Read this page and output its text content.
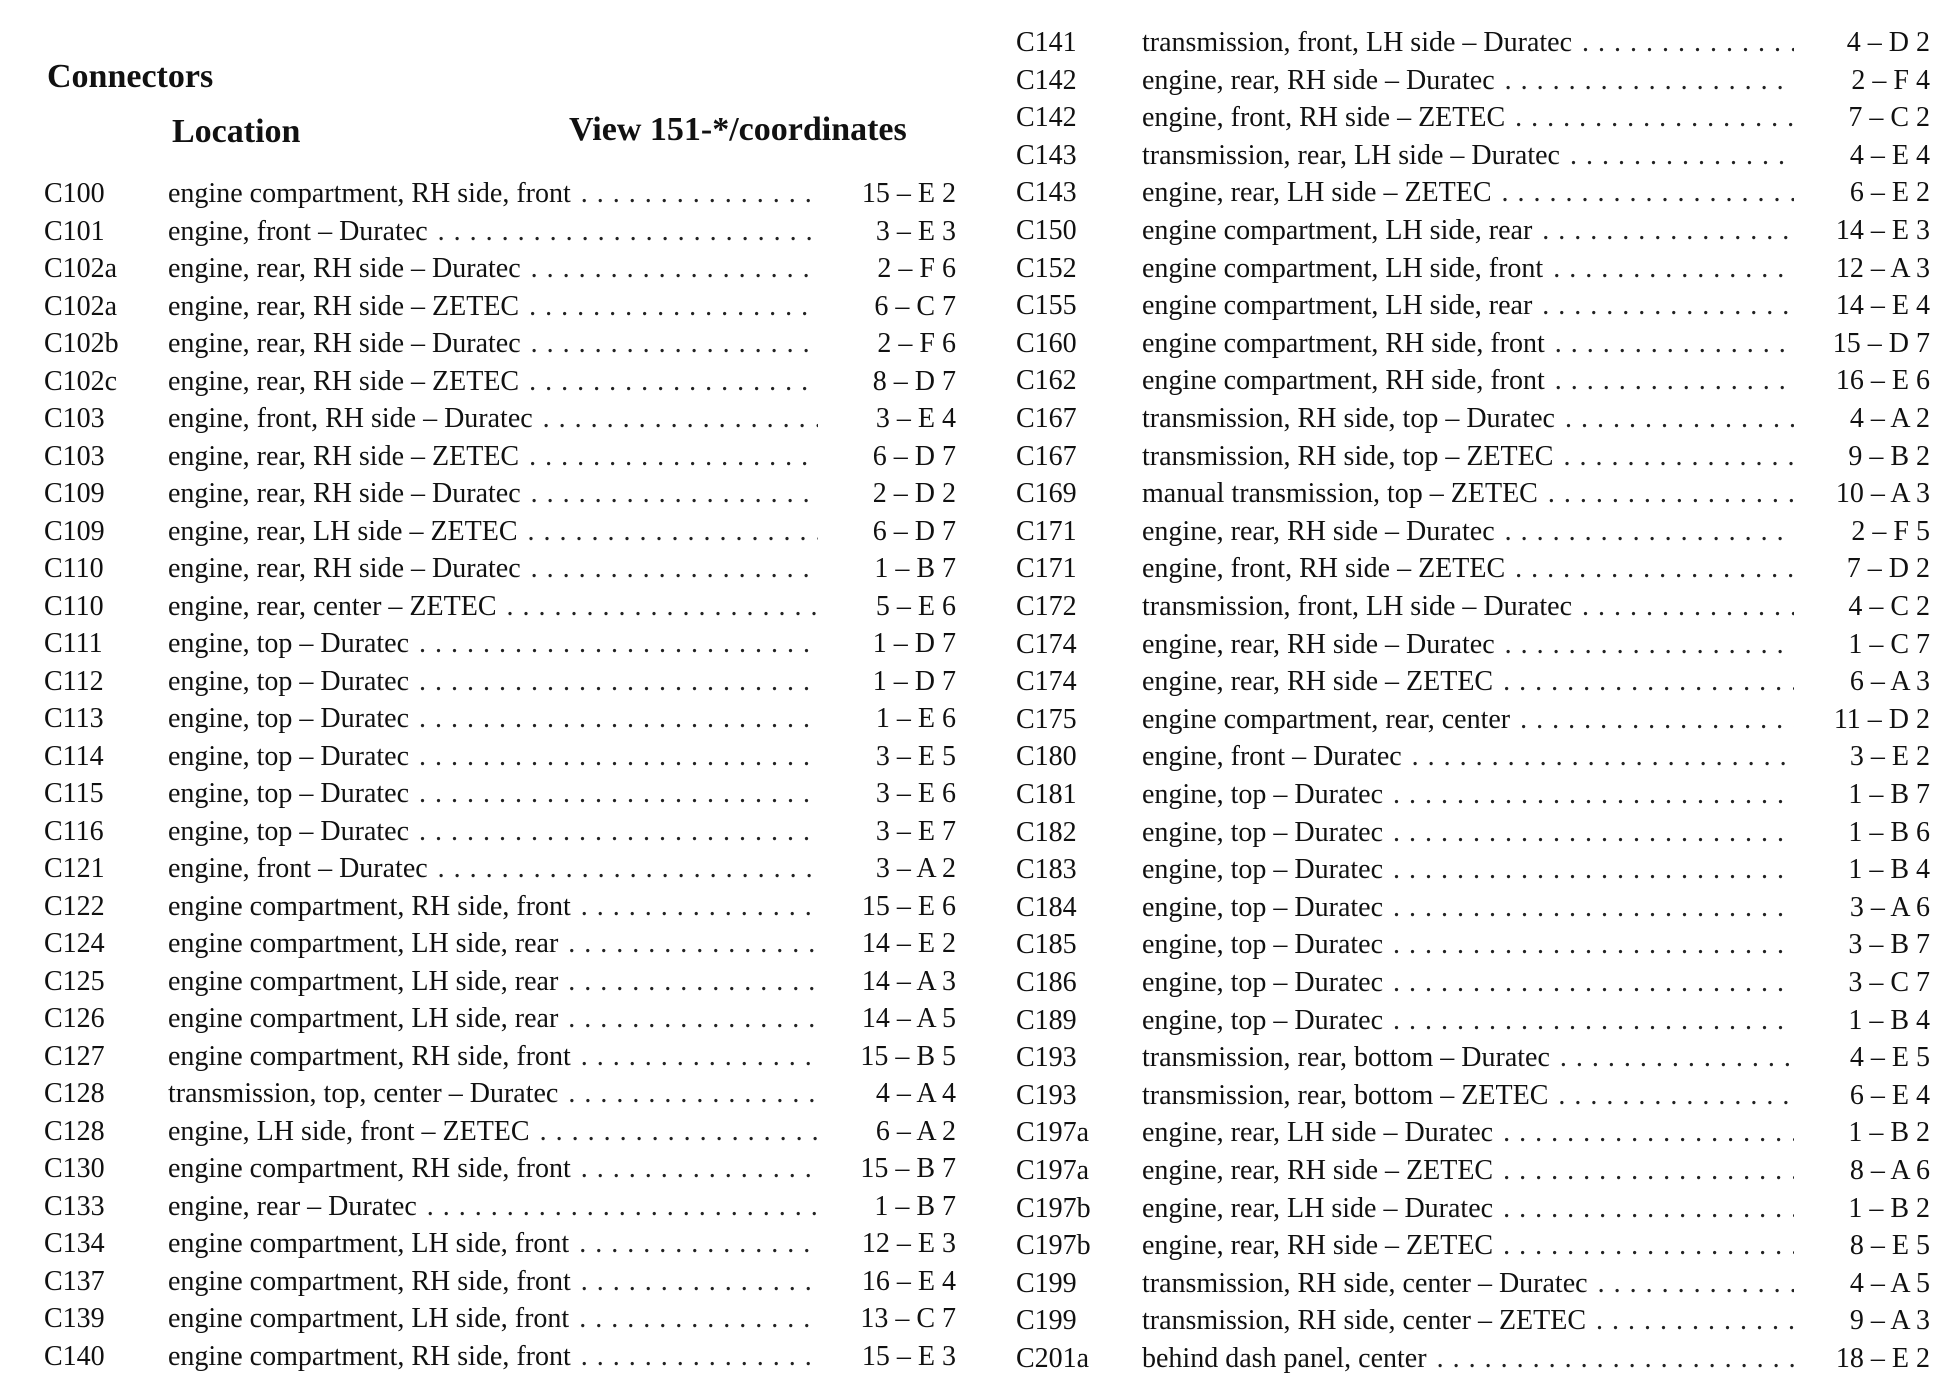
Connectors
Location	View 151-*/coordinates
C100 engine compartment, RH side, front . . .	15 – E 2
C101 engine, front – Duratec . . .	3 – E 3
C102a engine, rear, RH side – Duratec . . .	2 – F 6
C102a engine, rear, RH side – ZETEC . . .	6 – C 7
C102b engine, rear, RH side – Duratec . . .	2 – F 6
C102c engine, rear, RH side – ZETEC . . .	8 – D 7
C103 engine, front, RH side – Duratec . . .	3 – E 4
C103 engine, rear, RH side – ZETEC . . .	6 – D 7
C109 engine, rear, RH side – Duratec . . .	2 – D 2
C109 engine, rear, LH side – ZETEC . . .	6 – D 7
C110 engine, rear, RH side – Duratec . . .	1 – B 7
C110 engine, rear, center – ZETEC . . .	5 – E 6
C111 engine, top – Duratec . . .	1 – D 7
C112 engine, top – Duratec . . .	1 – D 7
C113 engine, top – Duratec . . .	1 – E 6
C114 engine, top – Duratec . . .	3 – E 5
C115 engine, top – Duratec . . .	3 – E 6
C116 engine, top – Duratec . . .	3 – E 7
C121 engine, front – Duratec . . .	3 – A 2
C122 engine compartment, RH side, front . . .	15 – E 6
C124 engine compartment, LH side, rear . . .	14 – E 2
C125 engine compartment, LH side, rear . . .	14 – A 3
C126 engine compartment, LH side, rear . . .	14 – A 5
C127 engine compartment, RH side, front . . .	15 – B 5
C128 transmission, top, center – Duratec . . .	4 – A 4
C128 engine, LH side, front – ZETEC . . .	6 – A 2
C130 engine compartment, RH side, front . . .	15 – B 7
C133 engine, rear – Duratec . . .	1 – B 7
C134 engine compartment, LH side, front . . .	12 – E 3
C137 engine compartment, RH side, front . . .	16 – E 4
C139 engine compartment, LH side, front . . .	13 – C 7
C140 engine compartment, RH side, front . . .	15 – E 3
C141 transmission, front, LH side – Duratec . . .	4 – D 2
C142 engine, rear, RH side – Duratec . . .	2 – F 4
C142 engine, front, RH side – ZETEC . . .	7 – C 2
C143 transmission, rear, LH side – Duratec . . .	4 – E 4
C143 engine, rear, LH side – ZETEC . . .	6 – E 2
C150 engine compartment, LH side, rear . . .	14 – E 3
C152 engine compartment, LH side, front . . .	12 – A 3
C155 engine compartment, LH side, rear . . .	14 – E 4
C160 engine compartment, RH side, front . . .	15 – D 7
C162 engine compartment, RH side, front . . .	16 – E 6
C167 transmission, RH side, top – Duratec . . .	4 – A 2
C167 transmission, RH side, top – ZETEC . . .	9 – B 2
C169 manual transmission, top – ZETEC . . .	10 – A 3
C171 engine, rear, RH side – Duratec . . .	2 – F 5
C171 engine, front, RH side – ZETEC . . .	7 – D 2
C172 transmission, front, LH side – Duratec . . .	4 – C 2
C174 engine, rear, RH side – Duratec . . .	1 – C 7
C174 engine, rear, RH side – ZETEC . . .	6 – A 3
C175 engine compartment, rear, center . . .	11 – D 2
C180 engine, front – Duratec . . .	3 – E 2
C181 engine, top – Duratec . . .	1 – B 7
C182 engine, top – Duratec . . .	1 – B 6
C183 engine, top – Duratec . . .	1 – B 4
C184 engine, top – Duratec . . .	3 – A 6
C185 engine, top – Duratec . . .	3 – B 7
C186 engine, top – Duratec . . .	3 – C 7
C189 engine, top – Duratec . . .	1 – B 4
C193 transmission, rear, bottom – Duratec . . .	4 – E 5
C193 transmission, rear, bottom – ZETEC . . .	6 – E 4
C197a engine, rear, LH side – Duratec . . .	1 – B 2
C197a engine, rear, RH side – ZETEC . . .	8 – A 6
C197b engine, rear, LH side – Duratec . . .	1 – B 2
C197b engine, rear, RH side – ZETEC . . .	8 – E 5
C199 transmission, RH side, center – Duratec . . .	4 – A 5
C199 transmission, RH side, center – ZETEC . . .	9 – A 3
C201a behind dash panel, center . . .	18 – E 2
